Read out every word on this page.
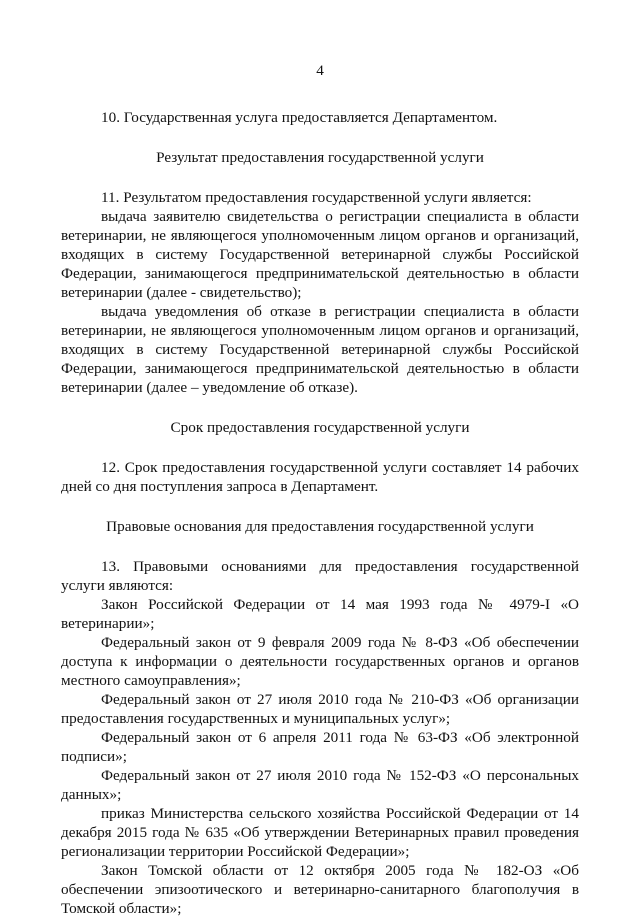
4

10. Государственная услуга предоставляется Департаментом.

Результат предоставления государственной услуги

11. Результатом предоставления государственной услуги является:

выдача заявителю свидетельства о регистрации специалиста в области ветеринарии, не являющегося уполномоченным лицом органов и организаций, входящих в систему Государственной ветеринарной службы Российской Федерации, занимающегося предпринимательской деятельностью в области ветеринарии (далее - свидетельство);

выдача уведомления об отказе в регистрации специалиста в области ветеринарии, не являющегося уполномоченным лицом органов и организаций, входящих в систему Государственной ветеринарной службы Российской Федерации, занимающегося предпринимательской деятельностью в области ветеринарии (далее – уведомление об отказе).

Срок предоставления государственной услуги

12. Срок предоставления государственной услуги составляет 14 рабочих дней со дня поступления запроса в Департамент.

Правовые основания для предоставления государственной услуги

13. Правовыми основаниями для предоставления государственной услуги являются:

Закон Российской Федерации от 14 мая 1993 года № 4979-I «О ветеринарии»;

Федеральный закон от 9 февраля 2009 года № 8-ФЗ «Об обеспечении доступа к информации о деятельности государственных органов и органов местного самоуправления»;

Федеральный закон от 27 июля 2010 года № 210-ФЗ «Об организации предоставления государственных и муниципальных услуг»;

Федеральный закон от 6 апреля 2011 года № 63-ФЗ «Об электронной подписи»;

Федеральный закон от 27 июля 2010 года № 152-ФЗ «О персональных данных»;

приказ Министерства сельского хозяйства Российской Федерации от 14 декабря 2015 года № 635 «Об утверждении Ветеринарных правил проведения регионализации территории Российской Федерации»;

Закон Томской области от 12 октября 2005 года № 182-ОЗ «Об обеспечении эпизоотического и ветеринарно-санитарного благополучия в Томской области»;
